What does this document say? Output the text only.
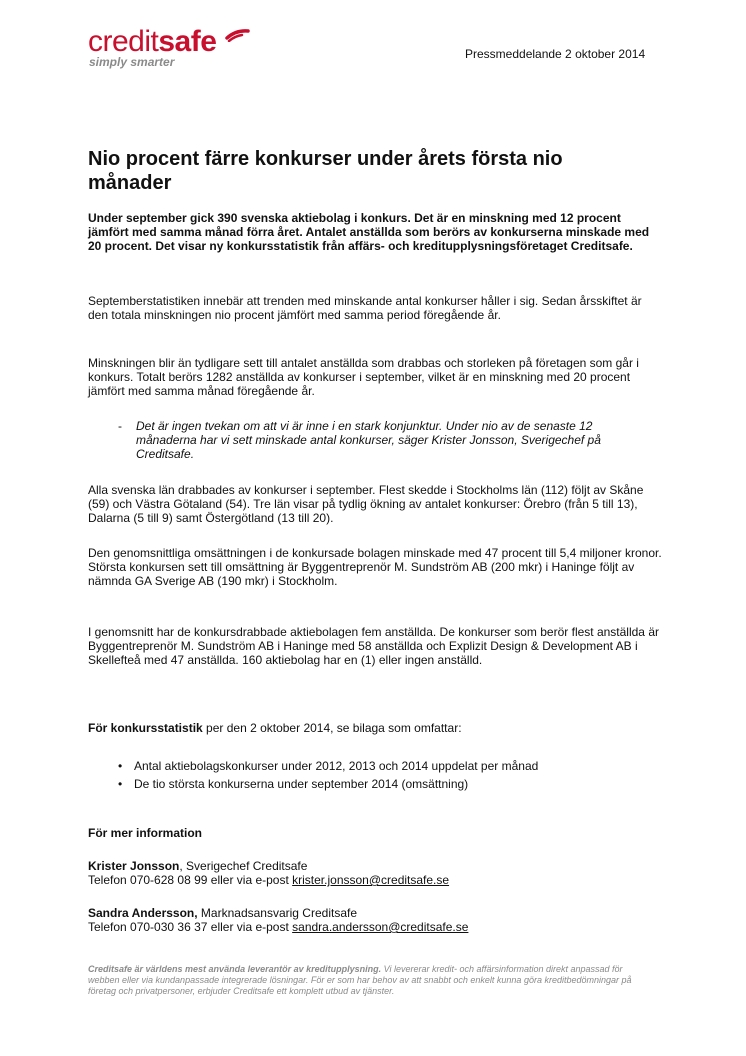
creditsafe
simply smarter
Pressmeddelande 2 oktober 2014
Nio procent färre konkurser under årets första nio månader

Under september gick 390 svenska aktiebolag i konkurs. Det är en minskning med 12 procent jämfört med samma månad förra året. Antalet anställda som berörs av konkurserna minskade med 20 procent. Det visar ny konkursstatistik från affärs- och kreditupplysningsföretaget Creditsafe.

Septemberstatistiken innebär att trenden med minskande antal konkurser håller i sig. Sedan årsskiftet är den totala minskningen nio procent jämfört med samma period föregående år.

Minskningen blir än tydligare sett till antalet anställda som drabbas och storleken på företagen som går i konkurs. Totalt berörs 1282 anställda av konkurser i september, vilket är en minskning med 20 procent jämfört med samma månad föregående år.

- Det är ingen tvekan om att vi är inne i en stark konjunktur. Under nio av de senaste 12 månaderna har vi sett minskade antal konkurser, säger Krister Jonsson, Sverigechef på Creditsafe.

Alla svenska län drabbades av konkurser i september. Flest skedde i Stockholms län (112) följt av Skåne (59) och Västra Götaland (54). Tre län visar på tydlig ökning av antalet konkurser: Örebro (från 5 till 13), Dalarna (5 till 9) samt Östergötland (13 till 20).

Den genomsnittliga omsättningen i de konkursade bolagen minskade med 47 procent till 5,4 miljoner kronor. Största konkursen sett till omsättning är Byggentreprenör M. Sundström AB (200 mkr) i Haninge följt av nämnda GA Sverige AB (190 mkr) i Stockholm.

I genomsnitt har de konkursdrabbade aktiebolagen fem anställda. De konkurser som berör flest anställda är Byggentreprenör M. Sundström AB i Haninge med 58 anställda och Explizit Design & Development AB i Skellefteå med 47 anställda. 160 aktiebolag har en (1) eller ingen anställd.

För konkursstatistik per den 2 oktober 2014, se bilaga som omfattar:

• Antal aktiebolagskonkurser under 2012, 2013 och 2014 uppdelat per månad
• De tio största konkurserna under september 2014 (omsättning)

För mer information

Krister Jonsson, Sverigechef Creditsafe
Telefon 070-628 08 99 eller via e-post krister.jonsson@creditsafe.se

Sandra Andersson, Marknadsansvarig Creditsafe
Telefon 070-030 36 37 eller via e-post sandra.andersson@creditsafe.se

Creditsafe är världens mest använda leverantör av kreditupplysning. Vi levererar kredit- och affärsinformation direkt anpassad för webben eller via kundanpassade integrerade lösningar. För er som har behov av att snabbt och enkelt kunna göra kreditbedömningar på företag och privatpersoner, erbjuder Creditsafe ett komplett utbud av tjänster.
